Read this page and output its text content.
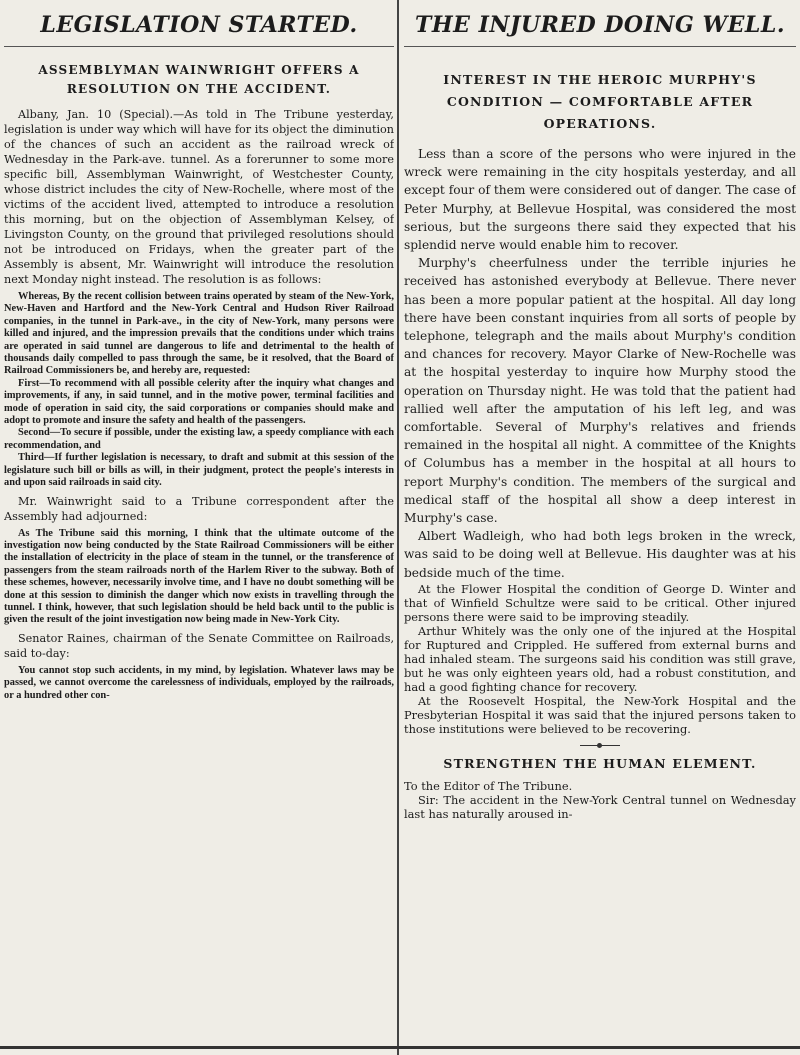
LEGISLATION STARTED.
ASSEMBLYMAN WAINWRIGHT OFFERS A RESOLUTION ON THE ACCIDENT.

Albany, Jan. 10 (Special).—As told in The Tribune yesterday, legislation is under way which will have for its object the diminution of the chances of such an accident as the railroad wreck of Wednesday in the Park-ave. tunnel. As a forerunner to some more specific bill, Assemblyman Wainwright, of Westchester County, whose district includes the city of New-Rochelle, where most of the victims of the accident lived, attempted to introduce a resolution this morning, but on the objection of Assemblyman Kelsey, of Livingston County, on the ground that privileged resolutions should not be introduced on Fridays, when the greater part of the Assembly is absent, Mr. Wainwright will introduce the resolution next Monday night instead. The resolution is as follows:

Whereas, By the recent collision between trains operated by steam of the New-York, New-Haven and Hartford and the New-York Central and Hudson River Railroad companies, in the tunnel in Park-ave., in the city of New-York, many persons were killed and injured, and the impression prevails that the conditions under which trains are operated in said tunnel are dangerous to life and detrimental to the health of thousands daily compelled to pass through the same, be it resolved, that the Board of Railroad Commissioners be, and hereby are, requested:

First—To recommend with all possible celerity after the inquiry what changes and improvements, if any, in said tunnel, and in the motive power, terminal facilities and mode of operation in said city, the said corporations or companies should make and adopt to promote and insure the safety and health of the passengers.

Second—To secure if possible, under the existing law, a speedy compliance with each recommendation, and

Third—If further legislation is necessary, to draft and submit at this session of the legislature such bill or bills as will, in their judgment, protect the people's interests in and upon said railroads in said city.

Mr. Wainwright said to a Tribune correspondent after the Assembly had adjourned:

As The Tribune said this morning, I think that the ultimate outcome of the investigation now being conducted by the State Railroad Commissioners will be either the installation of electricity in the place of steam in the tunnel, or the transference of passengers from the steam railroads north of the Harlem River to the subway. Both of these schemes, however, necessarily involve time, and I have no doubt something will be done at this session to diminish the danger which now exists in travelling through the tunnel. I think, however, that such legislation should be held back until to the public is given the result of the joint investigation now being made in New-York City.

Senator Raines, chairman of the Senate Committee on Railroads, said to-day:

You cannot stop such accidents, in my mind, by legislation. Whatever laws may be passed, we cannot overcome the carelessness of individuals, employed by the railroads, or a hundred other con-

THE INJURED DOING WELL.
INTEREST IN THE HEROIC MURPHY'S CONDITION — COMFORTABLE AFTER OPERATIONS.

Less than a score of the persons who were injured in the wreck were remaining in the city hospitals yesterday, and all except four of them were considered out of danger. The case of Peter Murphy, at Bellevue Hospital, was considered the most serious, but the surgeons there said they expected that his splendid nerve would enable him to recover.

Murphy's cheerfulness under the terrible injuries he received has astonished everybody at Bellevue. There never has been a more popular patient at the hospital. All day long there have been constant inquiries from all sorts of people by telephone, telegraph and the mails about Murphy's condition and chances for recovery. Mayor Clarke of New-Rochelle was at the hospital yesterday to inquire how Murphy stood the operation on Thursday night. He was told that the patient had rallied well after the amputation of his left leg, and was comfortable. Several of Murphy's relatives and friends remained in the hospital all night. A committee of the Knights of Columbus has a member in the hospital at all hours to report Murphy's condition. The members of the surgical and medical staff of the hospital all show a deep interest in Murphy's case.

Albert Wadleigh, who had both legs broken in the wreck, was said to be doing well at Bellevue. His daughter was at his bedside much of the time.

At the Flower Hospital the condition of George D. Winter and that of Winfield Schultze were said to be critical. Other injured persons there were said to be improving steadily.

Arthur Whitely was the only one of the injured at the Hospital for Ruptured and Crippled. He suffered from external burns and had inhaled steam. The surgeons said his condition was still grave, but he was only eighteen years old, had a robust constitution, and had a good fighting chance for recovery.

At the Roosevelt Hospital, the New-York Hospital and the Presbyterian Hospital it was said that the injured persons taken to those institutions were believed to be recovering.

STRENGTHEN THE HUMAN ELEMENT.

To the Editor of The Tribune.

Sir: The accident in the New-York Central tunnel on Wednesday last has naturally aroused in-
